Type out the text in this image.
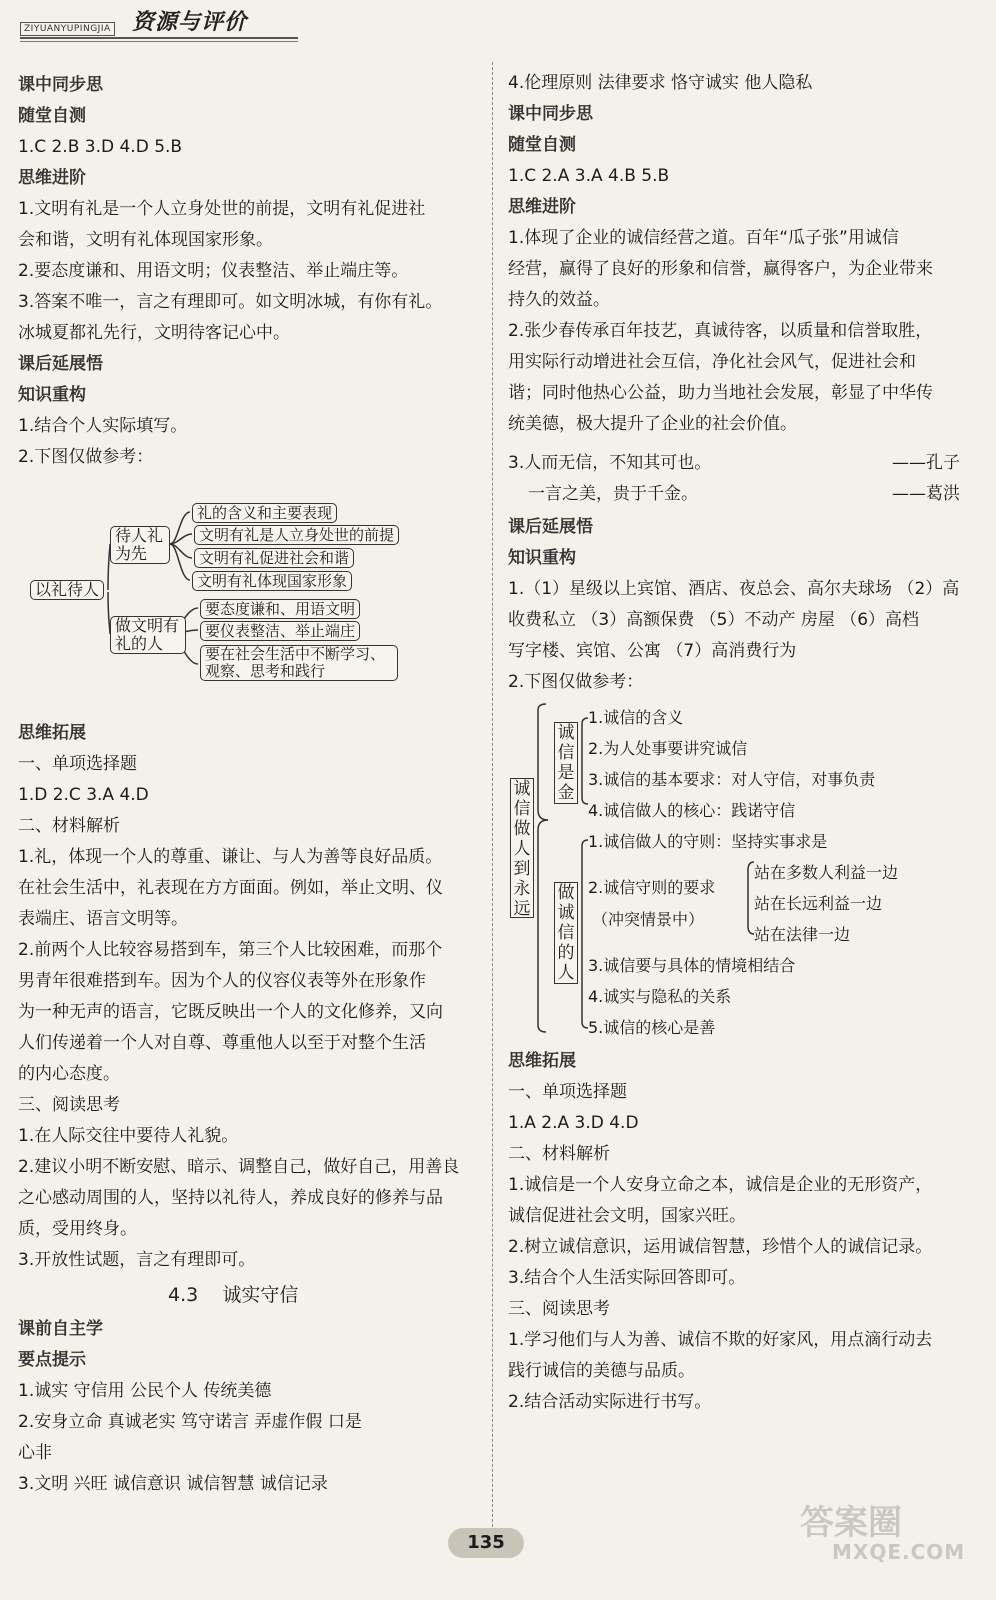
ZIYUANYUPINGJIA 资源与评价
课中同步思
随堂自测
1.C 2.B 3.D 4.D 5.B
思维进阶
1.文明有礼是一个人立身处世的前提，文明有礼促进社
会和谐，文明有礼体现国家形象。
2.要态度谦和、用语文明；仪表整洁、举止端庄等。
3.答案不唯一，言之有理即可。如文明冰城，有你有礼。
冰城夏都礼先行，文明待客记心中。
课后延展悟
知识重构
1.结合个人实际填写。
2.下图仅做参考：
以礼待人
待人礼为先
做文明有礼的人
礼的含义和主要表现
文明有礼是人立身处世的前提
文明有礼促进社会和谐
文明有礼体现国家形象
要态度谦和、用语文明
要仪表整洁、举止端庄
要在社会生活中不断学习、观察、思考和践行
思维拓展
一、单项选择题
1.D 2.C 3.A 4.D
二、材料解析
1.礼，体现一个人的尊重、谦让、与人为善等良好品质。
在社会生活中，礼表现在方方面面。例如，举止文明、仪
表端庄、语言文明等。
2.前两个人比较容易搭到车，第三个人比较困难，而那个
男青年很难搭到车。因为个人的仪容仪表等外在形象作
为一种无声的语言，它既反映出一个人的文化修养，又向
人们传递着一个人对自尊、尊重他人以至于对整个生活
的内心态度。
三、阅读思考
1.在人际交往中要待人礼貌。
2.建议小明不断安慰、暗示、调整自己，做好自己，用善良
之心感动周围的人，坚持以礼待人，养成良好的修养与品
质，受用终身。
3.开放性试题，言之有理即可。
4.3    诚实守信
课前自主学
要点提示
1.诚实 守信用 公民个人 传统美德
2.安身立命 真诚老实 笃守诺言 弄虚作假 口是
心非
3.文明 兴旺 诚信意识 诚信智慧 诚信记录
4.伦理原则 法律要求 恪守诚实 他人隐私
课中同步思
随堂自测
1.C 2.A 3.A 4.B 5.B
思维进阶
1.体现了企业的诚信经营之道。百年“瓜子张”用诚信
经营，赢得了良好的形象和信誉，赢得客户，为企业带来
持久的效益。
2.张少春传承百年技艺，真诚待客，以质量和信誉取胜，
用实际行动增进社会互信，净化社会风气，促进社会和
谐；同时他热心公益，助力当地社会发展，彰显了中华传
统美德，极大提升了企业的社会价值。
3.人而无信，不知其可也。	——孔子
一言之美，贵于千金。	——葛洪
课后延展悟
知识重构
1.（1）星级以上宾馆、酒店、夜总会、高尔夫球场 （2）高
收费私立 （3）高额保费 （5）不动产 房屋 （6）高档
写字楼、宾馆、公寓 （7）高消费行为
2.下图仅做参考：
诚信做人到永远
诚信是金
做诚信的人
1.诚信的含义
2.为人处事要讲究诚信
3.诚信的基本要求：对人守信，对事负责
4.诚信做人的核心：践诺守信
1.诚信做人的守则：坚持实事求是
2.诚信守则的要求
（冲突情景中）
站在多数人利益一边
站在长远利益一边
站在法律一边
3.诚信要与具体的情境相结合
4.诚实与隐私的关系
5.诚信的核心是善
思维拓展
一、单项选择题
1.A 2.A 3.D 4.D
二、材料解析
1.诚信是一个人安身立命之本，诚信是企业的无形资产，
诚信促进社会文明，国家兴旺。
2.树立诚信意识，运用诚信智慧，珍惜个人的诚信记录。
3.结合个人生活实际回答即可。
三、阅读思考
1.学习他们与人为善、诚信不欺的好家风，用点滴行动去
践行诚信的美德与品质。
2.结合活动实际进行书写。
135	答案圈
MXQE.COM
